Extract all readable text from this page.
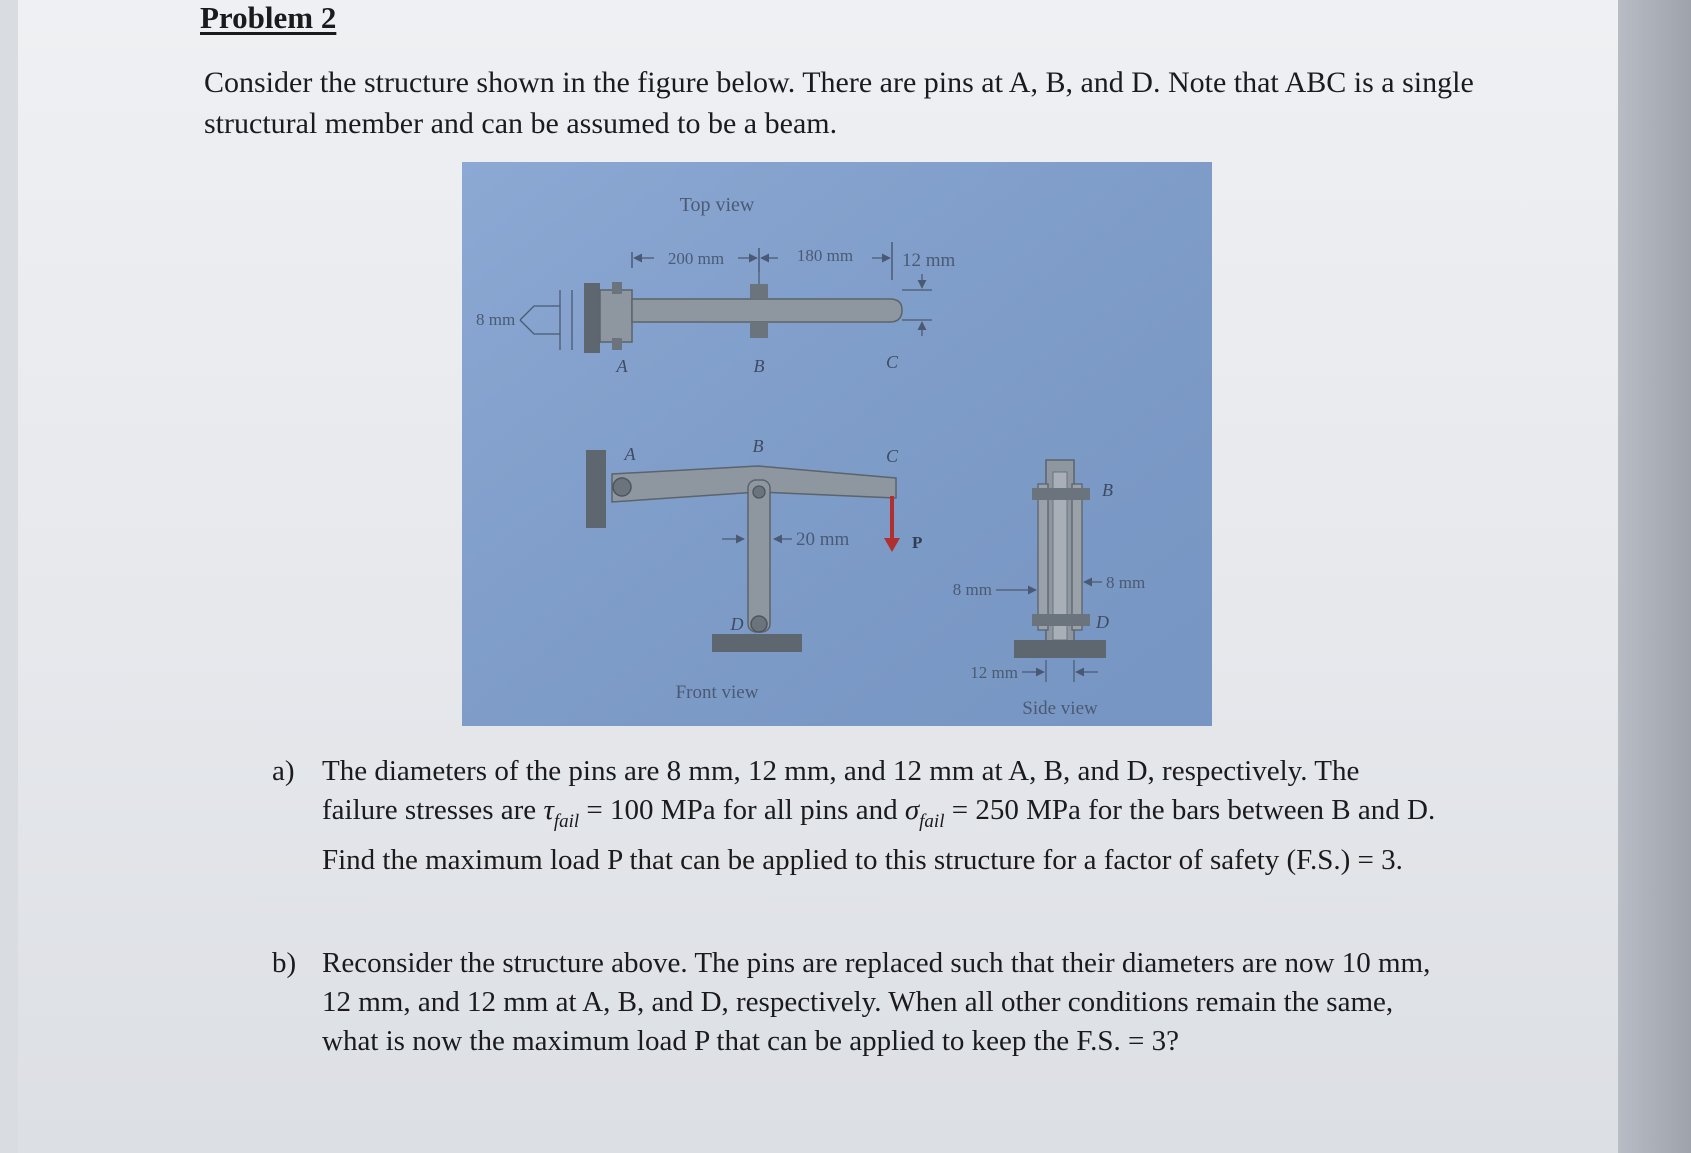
Problem 2
Consider the structure shown in the figure below. There are pins at A, B, and D. Note that ABC is a single structural member and can be assumed to be a beam.
Top view
200 mm	180 mm	12 mm
8 mm
A	B	C
A	B	C
D
P
20 mm
Front view
B
D
8 mm	8 mm
12 mm
Side view
a) The diameters of the pins are 8 mm, 12 mm, and 12 mm at A, B, and D, respectively. The failure stresses are $\tau_{fail} = 100$ MPa for all pins and $\sigma_{fail} = 250$ MPa for the bars between B and D. Find the maximum load P that can be applied to this structure for a factor of safety (F.S.) = 3.
b) Reconsider the structure above. The pins are replaced such that their diameters are now 10 mm, 12 mm, and 12 mm at A, B, and D, respectively. When all other conditions remain the same, what is now the maximum load P that can be applied to keep the F.S. = 3?
